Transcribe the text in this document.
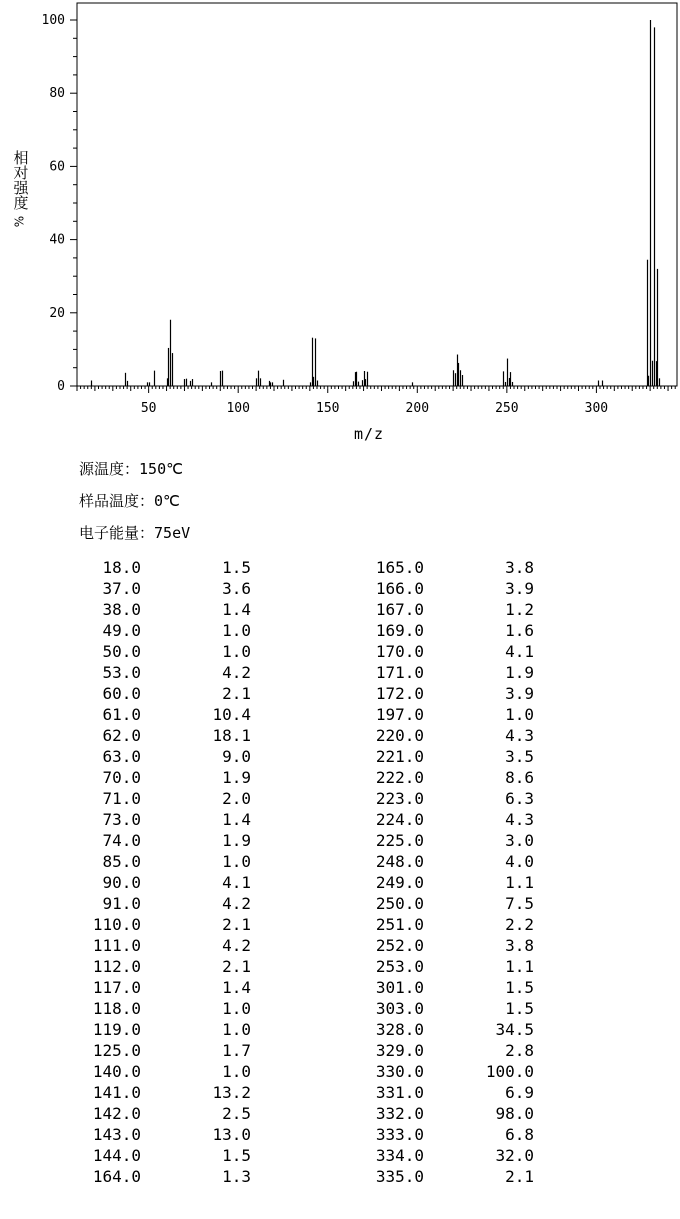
50	100	150	200	250	300
0
20
40
60
80
100
相对强度
%
m/z
源温度：150℃
样品温度：0℃
电子能量：75eV
18.0	1.5
37.0	3.6
38.0	1.4
49.0	1.0
50.0	1.0
53.0	4.2
60.0	2.1
61.0	10.4
62.0	18.1
63.0	9.0
70.0	1.9
71.0	2.0
73.0	1.4
74.0	1.9
85.0	1.0
90.0	4.1
91.0	4.2
110.0	2.1
111.0	4.2
112.0	2.1
117.0	1.4
118.0	1.0
119.0	1.0
125.0	1.7
140.0	1.0
141.0	13.2
142.0	2.5
143.0	13.0
144.0	1.5
164.0	1.3
165.0	3.8
166.0	3.9
167.0	1.2
169.0	1.6
170.0	4.1
171.0	1.9
172.0	3.9
197.0	1.0
220.0	4.3
221.0	3.5
222.0	8.6
223.0	6.3
224.0	4.3
225.0	3.0
248.0	4.0
249.0	1.1
250.0	7.5
251.0	2.2
252.0	3.8
253.0	1.1
301.0	1.5
303.0	1.5
328.0	34.5
329.0	2.8
330.0	100.0
331.0	6.9
332.0	98.0
333.0	6.8
334.0	32.0
335.0	2.1
